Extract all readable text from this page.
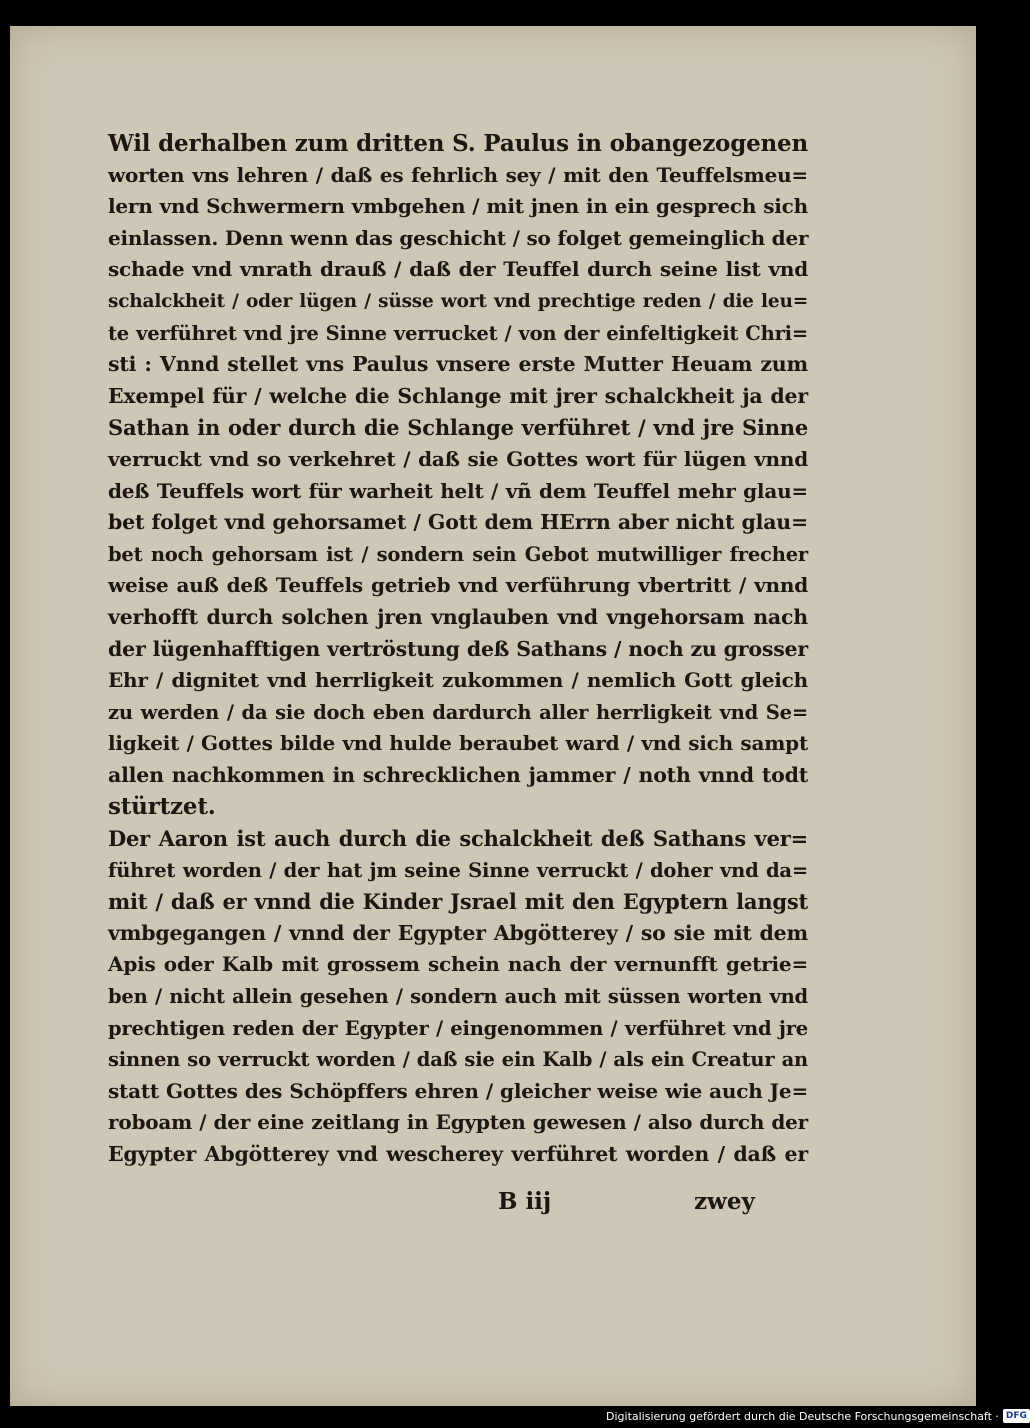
Wil derhalben zum dritten S. Paulus in obangezogenen
worten vns lehren / daß es fehrlich sey / mit den Teuffelsmeu=
lern vnd Schwermern vmbgehen / mit jnen in ein gesprech sich
einlassen. Denn wenn das geschicht / so folget gemeinglich der
schade vnd vnrath drauß / daß der Teuffel durch seine list vnd
schalckheit / oder lügen / süsse wort vnd prechtige reden / die leu=
te verführet vnd jre Sinne verrucket / von der einfeltigkeit Chri=
sti : Vnnd stellet vns Paulus vnsere erste Mutter Heuam zum
Exempel für / welche die Schlange mit jrer schalckheit ja der
Sathan in oder durch die Schlange verführet / vnd jre Sinne
verruckt vnd so verkehret / daß sie Gottes wort für lügen vnnd
deß Teuffels wort für warheit helt / vñ dem Teuffel mehr glau=
bet folget vnd gehorsamet / Gott dem HErrn aber nicht glau=
bet noch gehorsam ist / sondern sein Gebot mutwilliger frecher
weise auß deß Teuffels getrieb vnd verführung vbertritt / vnnd
verhofft durch solchen jren vnglauben vnd vngehorsam nach
der lügenhafftigen vertröstung deß Sathans / noch zu grosser
Ehr / dignitet vnd herrligkeit zukommen / nemlich Gott gleich
zu werden / da sie doch eben dardurch aller herrligkeit vnd Se=
ligkeit / Gottes bilde vnd hulde beraubet ward / vnd sich sampt
allen nachkommen in schrecklichen jammer / noth vnnd todt
stürtzet.
Der Aaron ist auch durch die schalckheit deß Sathans ver=
führet worden / der hat jm seine Sinne verruckt / doher vnd da=
mit / daß er vnnd die Kinder Jsrael mit den Egyptern langst
vmbgegangen / vnnd der Egypter Abgötterey / so sie mit dem
Apis oder Kalb mit grossem schein nach der vernunfft getrie=
ben / nicht allein gesehen / sondern auch mit süssen worten vnd
prechtigen reden der Egypter / eingenommen / verführet vnd jre
sinnen so verruckt worden / daß sie ein Kalb / als ein Creatur an
statt Gottes des Schöpffers ehren / gleicher weise wie auch Je=
roboam / der eine zeitlang in Egypten gewesen / also durch der
Egypter Abgötterey vnd wescherey verführet worden / daß er
B iij	zwey
Digitalisierung gefördert durch die Deutsche Forschungsgemeinschaft · DFG
